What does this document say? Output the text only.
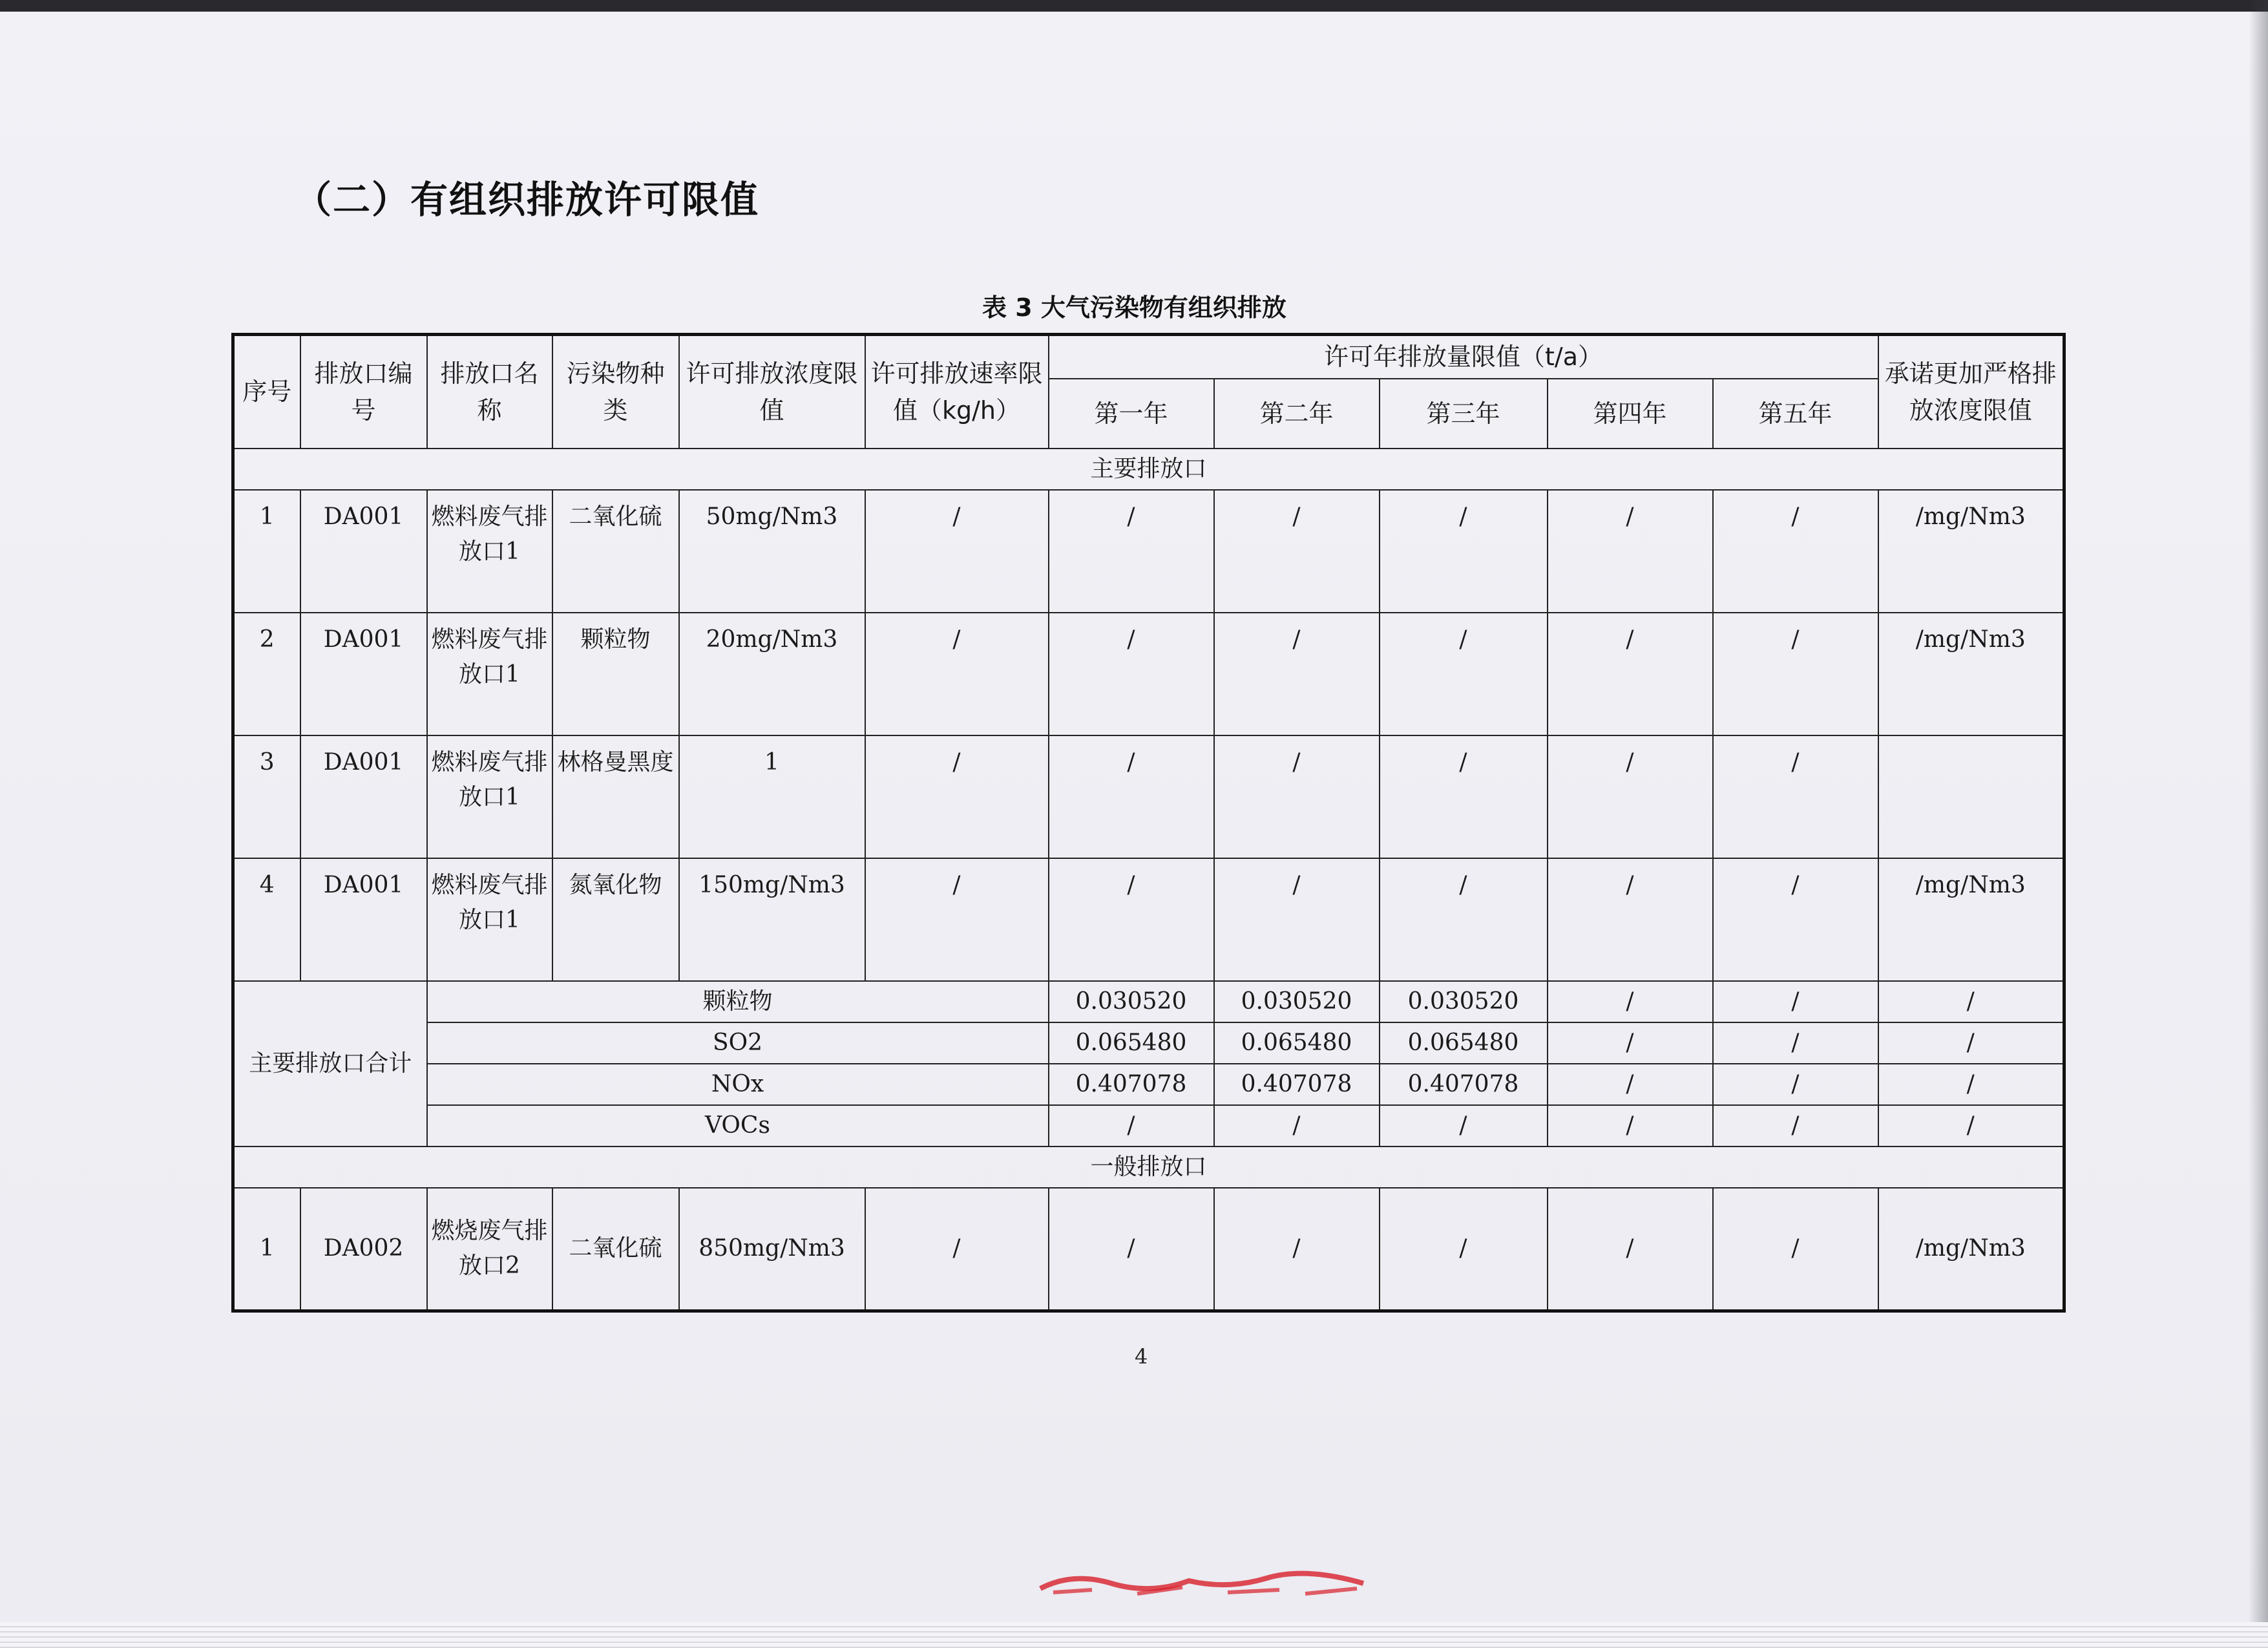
（二）有组织排放许可限值
表 3 大气污染物有组织排放
序号	排放口编号	排放口名称	污染物种类	许可排放浓度限值	许可排放速率限值（kg/h）	许可年排放量限值（t/a）					承诺更加严格排放浓度限值
						第一年	第二年	第三年	第四年	第五年	
主要排放口											
1	DA001	燃料废气排放口1	二氧化硫	50mg/Nm3	/	/	/	/	/	/	/mg/Nm3
2	DA001	燃料废气排放口1	颗粒物	20mg/Nm3	/	/	/	/	/	/	/mg/Nm3
3	DA001	燃料废气排放口1	林格曼黑度	1	/	/	/	/	/	/	
4	DA001	燃料废气排放口1	氮氧化物	150mg/Nm3	/	/	/	/	/	/	/mg/Nm3
主要排放口合计		颗粒物				0.030520	0.030520	0.030520	/	/	/
		SO2				0.065480	0.065480	0.065480	/	/	/
		NOx				0.407078	0.407078	0.407078	/	/	/
		VOCs				/	/	/	/	/	/
一般排放口											
1	DA002	燃烧废气排放口2	二氧化硫	850mg/Nm3	/	/	/	/	/	/	/mg/Nm3
4
